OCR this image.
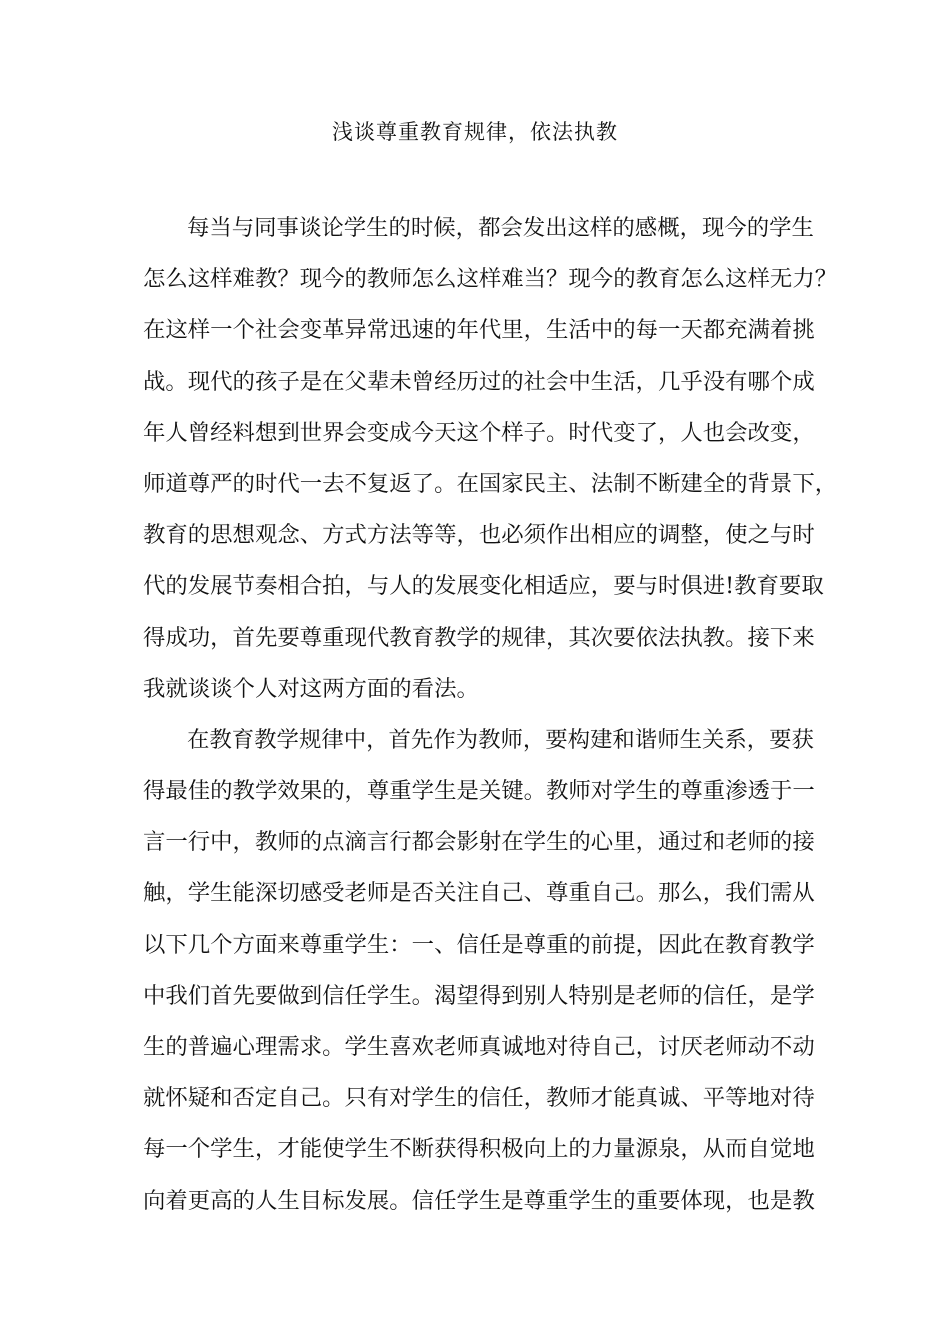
浅谈尊重教育规律，依法执教
每当与同事谈论学生的时候，都会发出这样的感概，现今的学生
怎么这样难教？现今的教师怎么这样难当？现今的教育怎么这样无力？
在这样一个社会变革异常迅速的年代里，生活中的每一天都充满着挑
战。现代的孩子是在父辈未曾经历过的社会中生活，几乎没有哪个成
年人曾经料想到世界会变成今天这个样子。时代变了，人也会改变，
师道尊严的时代一去不复返了。在国家民主、法制不断建全的背景下，
教育的思想观念、方式方法等等，也必须作出相应的调整，使之与时
代的发展节奏相合拍，与人的发展变化相适应，要与时俱进!教育要取
得成功，首先要尊重现代教育教学的规律，其次要依法执教。接下来
我就谈谈个人对这两方面的看法。
在教育教学规律中，首先作为教师，要构建和谐师生关系，要获
得最佳的教学效果的，尊重学生是关键。教师对学生的尊重渗透于一
言一行中，教师的点滴言行都会影射在学生的心里，通过和老师的接
触，学生能深切感受老师是否关注自己、尊重自己。那么，我们需从
以下几个方面来尊重学生：一、信任是尊重的前提，因此在教育教学
中我们首先要做到信任学生。渴望得到别人特别是老师的信任，是学
生的普遍心理需求。学生喜欢老师真诚地对待自己，讨厌老师动不动
就怀疑和否定自己。只有对学生的信任，教师才能真诚、平等地对待
每一个学生，才能使学生不断获得积极向上的力量源泉，从而自觉地
向着更高的人生目标发展。信任学生是尊重学生的重要体现，也是教
